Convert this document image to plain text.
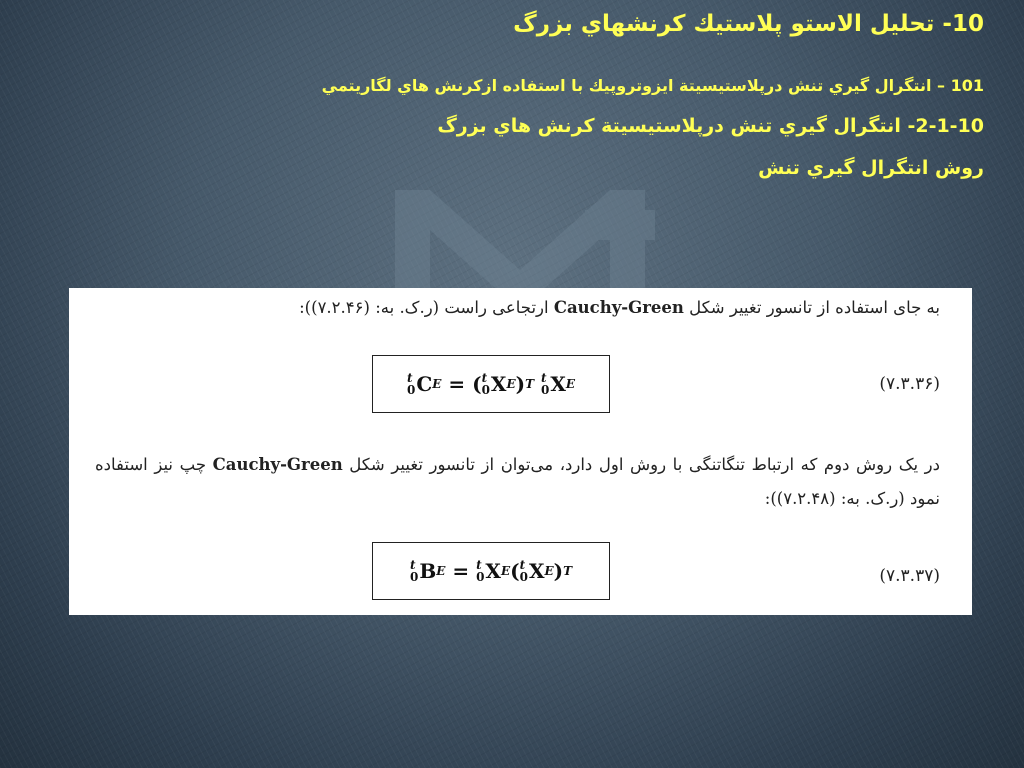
10- تحليل الاستو پلاستيك كرنشهاي بزرگ
101 – انتگرال گيري تنش درپلاستيسيتة ايزوتروپيك با استفاده ازكرنش هاي لگاريتمي
2-1-10- انتگرال گيري تنش درپلاستيسيتة كرنش هاي بزرگ
روش انتگرال گيري تنش
به جای استفاده از تانسور تغییر شکل Cauchy-Green ارتجاعی راست (ر.ک. به: (۷.۲.۴۶)):
t
0 C E = ( t
0 X E ) T
t
0 X E	(۷.۳.۳۶)
در یک روش دوم که ارتباط تنگاتنگی با روش اول دارد، می‌توان از تانسور تغییر شکل Cauchy-Green چپ نیز استفاده نمود (ر.ک. به: (۷.۲.۴۸)):
t
0 B E = t
0 X E ( t
0 X E ) T	(۷.۳.۳۷)
